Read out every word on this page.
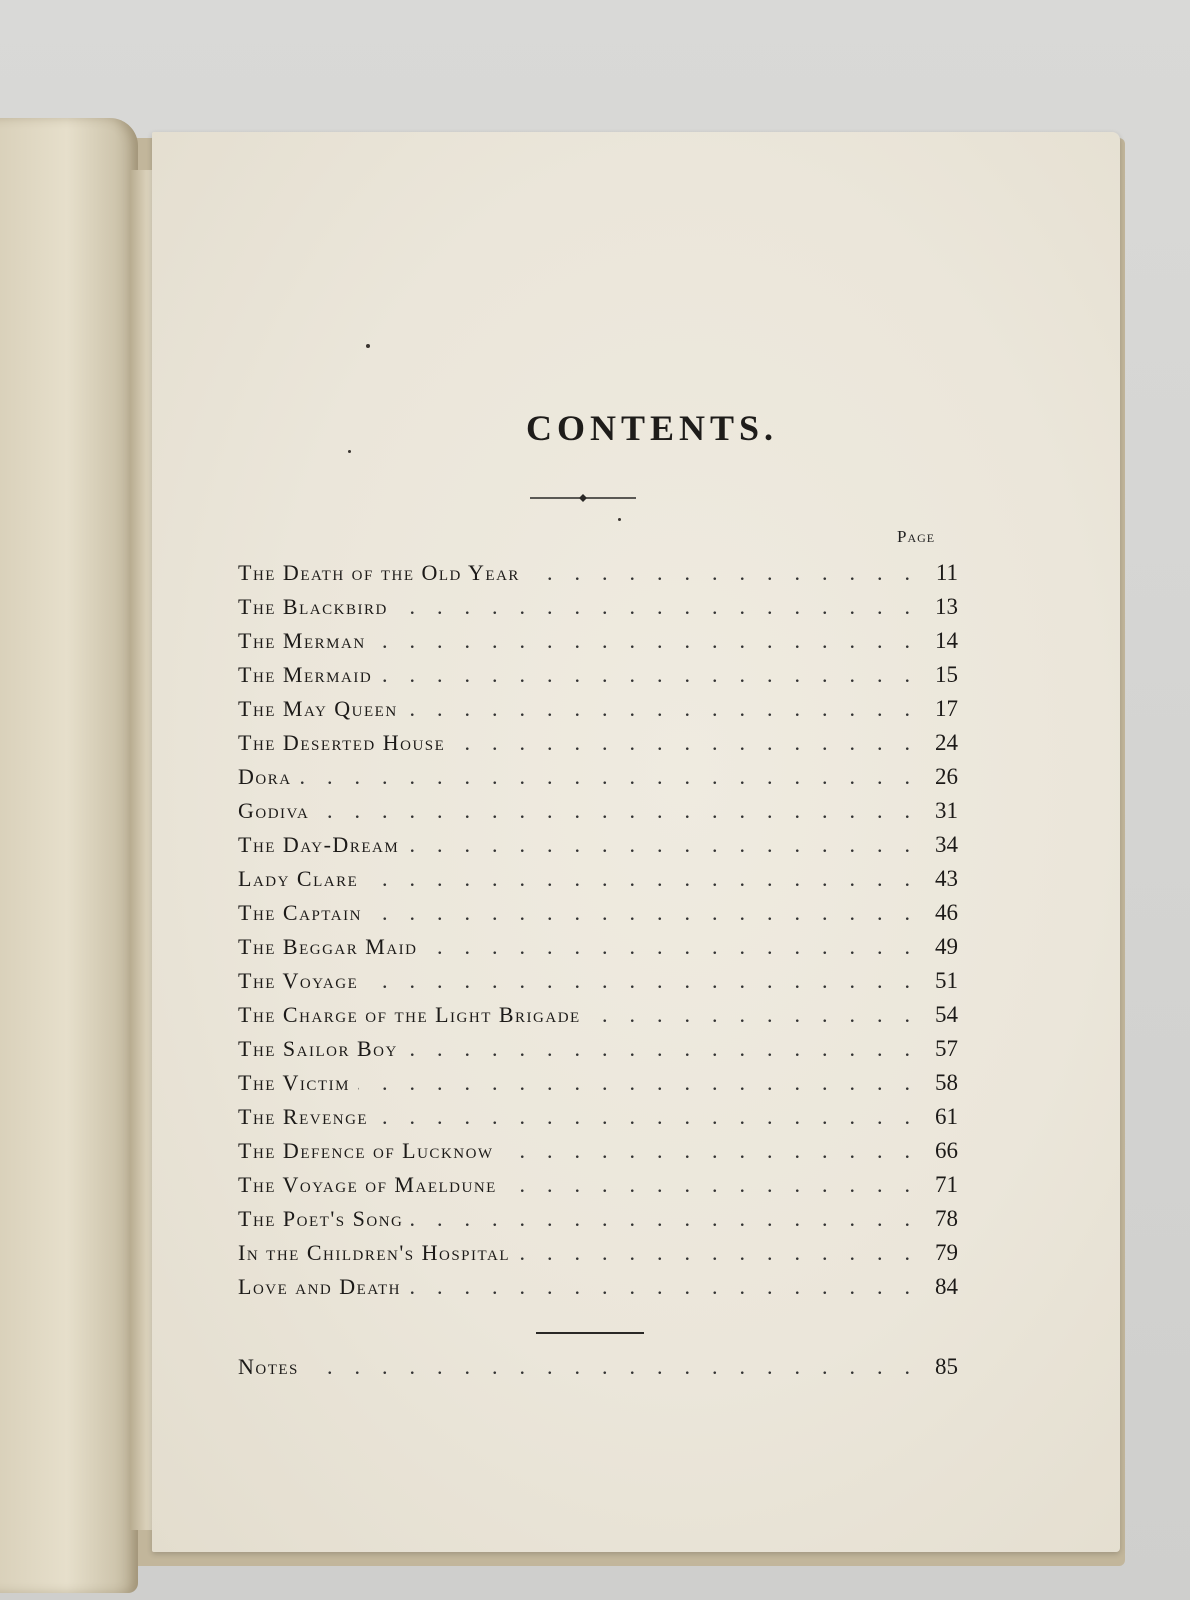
CONTENTS.
Page
The Death of the Old Year .	11
The Blackbird .	13
The Merman .	14
The Mermaid .	15
The May Queen .	17
The Deserted House .	24
Dora .	26
Godiva .	31
The Day-Dream .	34
Lady Clare .	43
The Captain .	46
The Beggar Maid .	49
The Voyage .	51
The Charge of the Light Brigade .	54
The Sailor Boy .	57
The Victim .	58
The Revenge .	61
The Defence of Lucknow .	66
The Voyage of Maeldune .	71
The Poet's Song .	78
In the Children's Hospital .	79
Love and Death .	84
Notes .	85
